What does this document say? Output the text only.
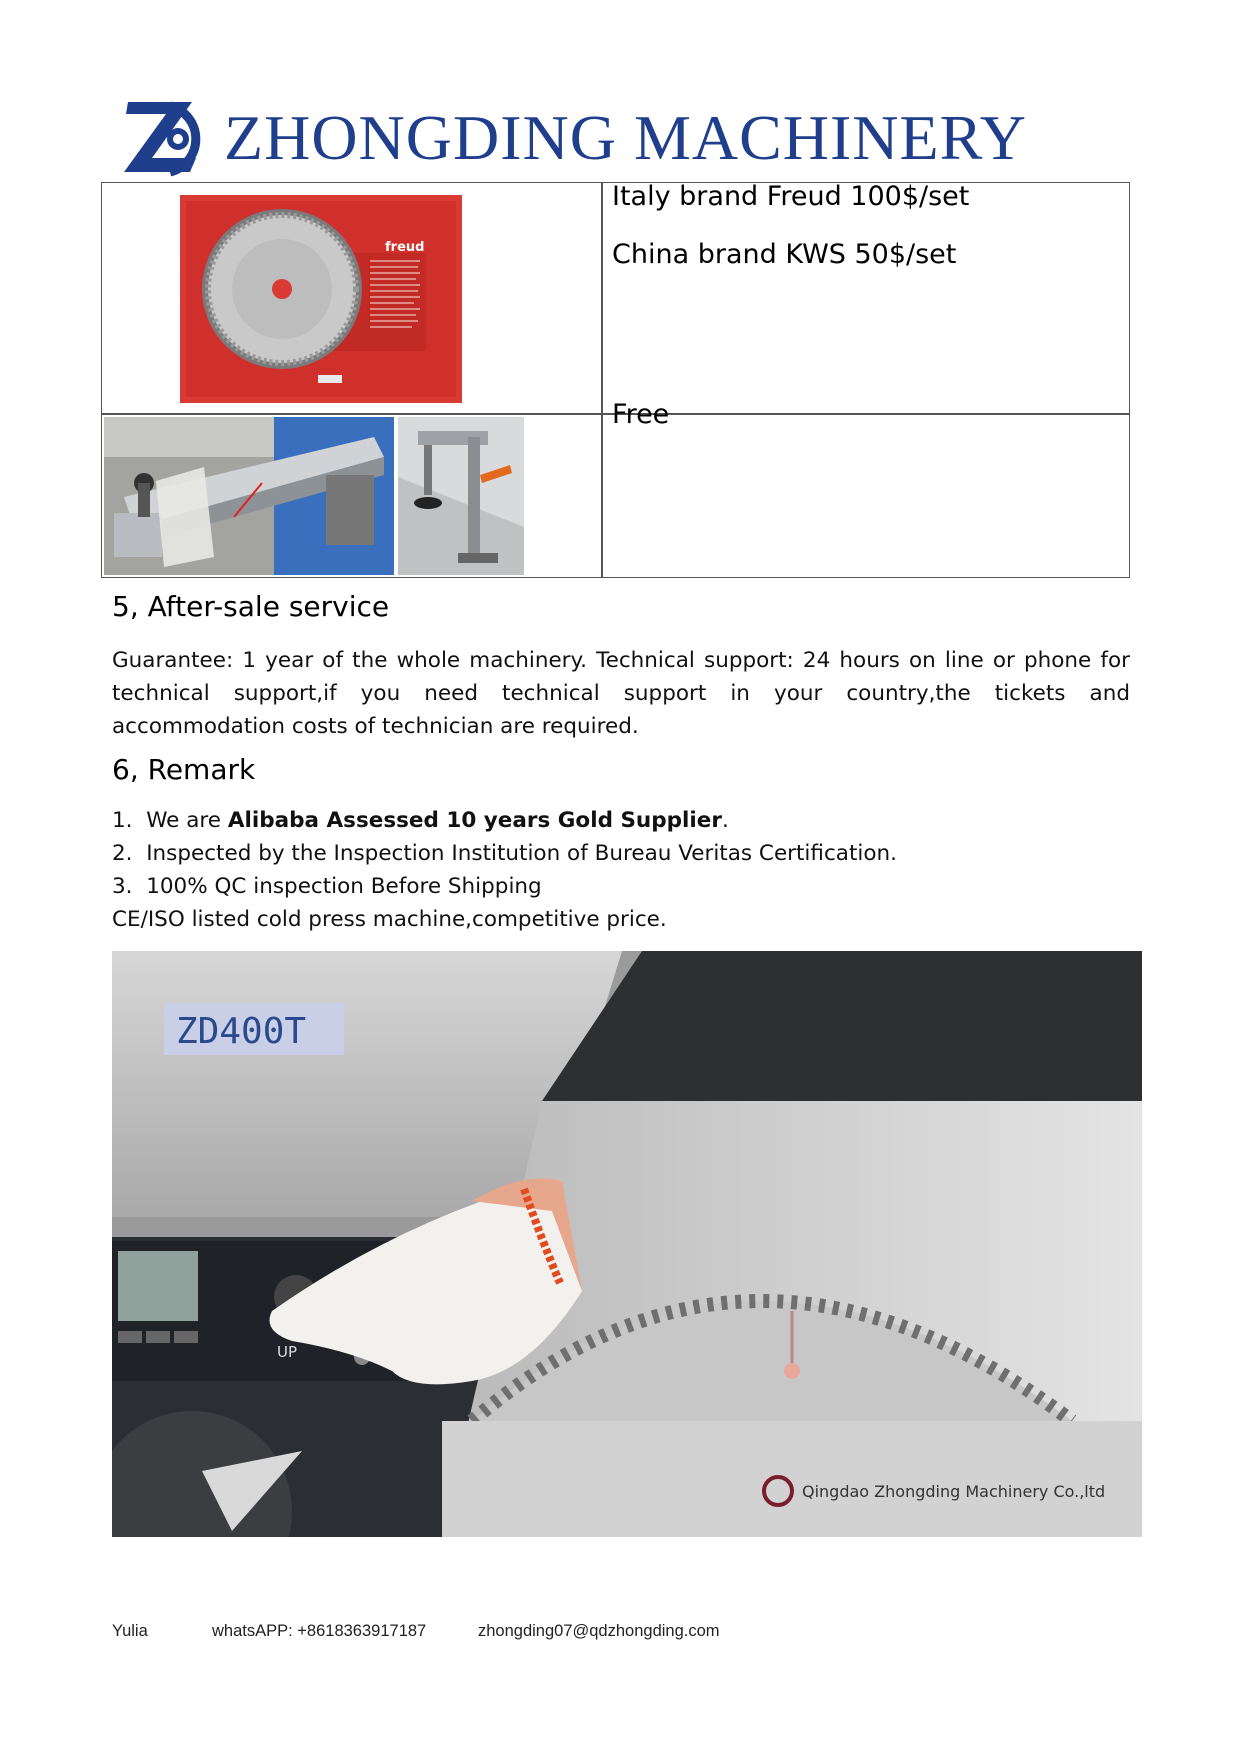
ZHONGDING MACHINERY
freud
Italy brand Freud 100$/set
China brand KWS 50$/set
Free
5, After-sale service
Guarantee: 1 year of the whole machinery. Technical support: 24 hours on line or phone for technical support,if you need technical support in your country,the tickets and accommodation costs of technician are required.
6, Remark
1. We are Alibaba Assessed 10 years Gold Supplier.
2. Inspected by the Inspection Institution of Bureau Veritas Certification.
3. 100% QC inspection Before Shipping
CE/ISO listed cold press machine,competitive price.
UP
ZD400T
Qingdao Zhongding Machinery Co.,ltd
Yulia	whatsAPP: +8618363917187	zhongding07@qdzhongding.com
